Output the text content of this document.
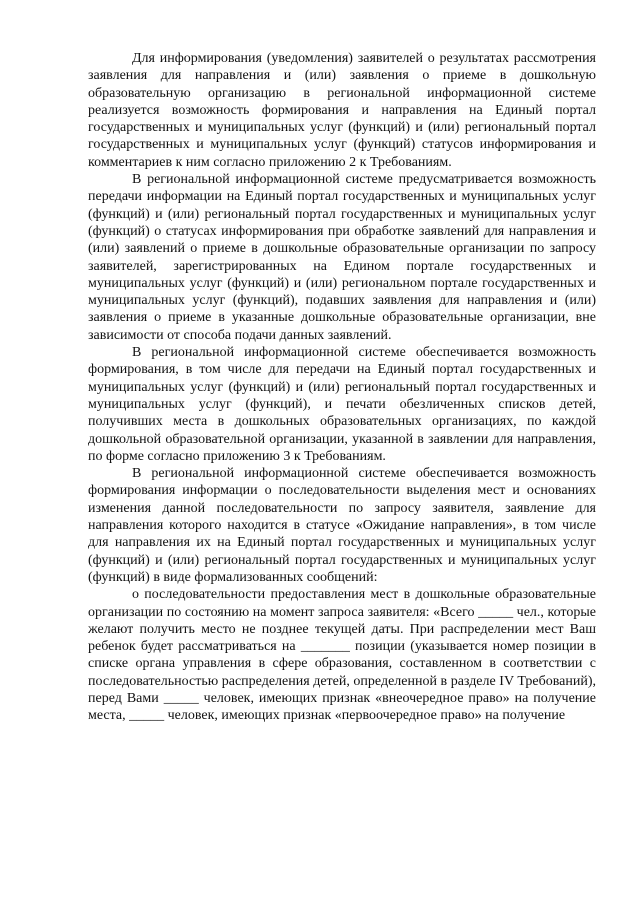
Для информирования (уведомления) заявителей о результатах рассмотрения заявления для направления и (или) заявления о приеме в дошкольную образовательную организацию в региональной информационной системе реализуется возможность формирования и направления на Единый портал государственных и муниципальных услуг (функций) и (или) региональный портал государственных и муниципальных услуг (функций) статусов информирования и комментариев к ним согласно приложению 2 к Требованиям.

В региональной информационной системе предусматривается возможность передачи информации на Единый портал государственных и муниципальных услуг (функций) и (или) региональный портал государственных и муниципальных услуг (функций) о статусах информирования при обработке заявлений для направления и (или) заявлений о приеме в дошкольные образовательные организации по запросу заявителей, зарегистрированных на Едином портале государственных и муниципальных услуг (функций) и (или) региональном портале государственных и муниципальных услуг (функций), подавших заявления для направления и (или) заявления о приеме в указанные дошкольные образовательные организации, вне зависимости от способа подачи данных заявлений.

В региональной информационной системе обеспечивается возможность формирования, в том числе для передачи на Единый портал государственных и муниципальных услуг (функций) и (или) региональный портал государственных и муниципальных услуг (функций), и печати обезличенных списков детей, получивших места в дошкольных образовательных организациях, по каждой дошкольной образовательной организации, указанной в заявлении для направления, по форме согласно приложению 3 к Требованиям.

В региональной информационной системе обеспечивается возможность формирования информации о последовательности выделения мест и основаниях изменения данной последовательности по запросу заявителя, заявление для направления которого находится в статусе «Ожидание направления», в том числе для направления их на Единый портал государственных и муниципальных услуг (функций) и (или) региональный портал государственных и муниципальных услуг (функций) в виде формализованных сообщений:

о последовательности предоставления мест в дошкольные образовательные организации по состоянию на момент запроса заявителя: «Всего _____ чел., которые желают получить место не позднее текущей даты. При распределении мест Ваш ребенок будет рассматриваться на _______ позиции (указывается номер позиции в списке органа управления в сфере образования, составленном в соответствии с последовательностью распределения детей, определенной в разделе IV Требований), перед Вами _____ человек, имеющих признак «внеочередное право» на получение места, _____ человек, имеющих признак «первоочередное право» на получение
